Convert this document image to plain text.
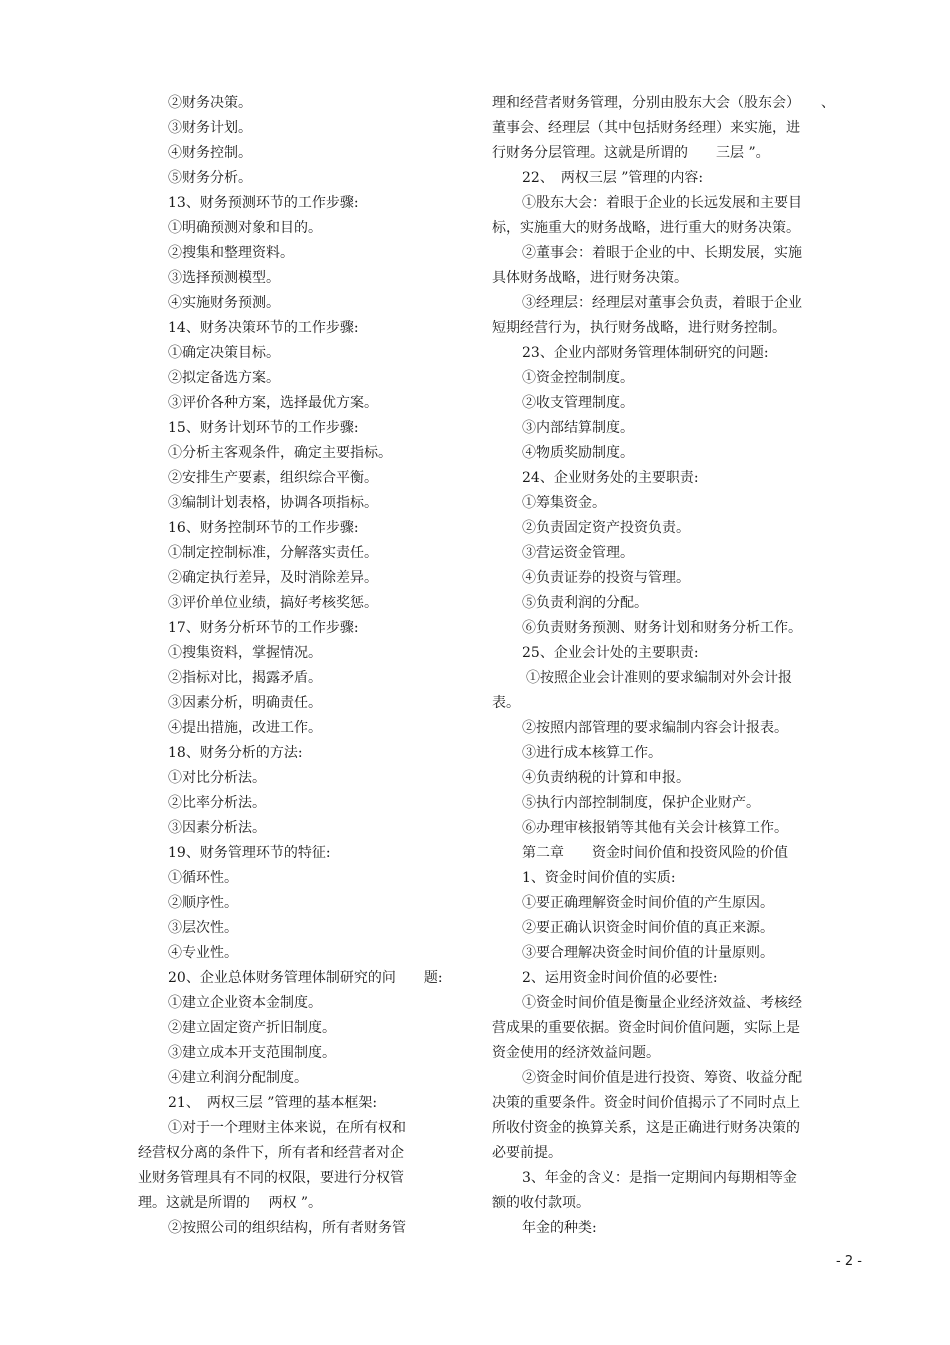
②财务决策。
③财务计划。
④财务控制。
⑤财务分析。
13、财务预测环节的工作步骤:
①明确预测对象和目的。
②搜集和整理资料。
③选择预测模型。
④实施财务预测。
14、财务决策环节的工作步骤:
①确定决策目标。
②拟定备选方案。
③评价各种方案，选择最优方案。
15、财务计划环节的工作步骤:
①分析主客观条件，确定主要指标。
②安排生产要素，组织综合平衡。
③编制计划表格，协调各项指标。
16、财务控制环节的工作步骤:
①制定控制标准，分解落实责任。
②确定执行差异，及时消除差异。
③评价单位业绩，搞好考核奖惩。
17、财务分析环节的工作步骤:
①搜集资料，掌握情况。
②指标对比，揭露矛盾。
③因素分析，明确责任。
④提出措施，改进工作。
18、财务分析的方法:
①对比分析法。
②比率分析法。
③因素分析法。
19、财务管理环节的特征:
①循环性。
②顺序性。
③层次性。
④专业性。
20、企业总体财务管理体制研究的问　　题:
①建立企业资本金制度。
②建立固定资产折旧制度。
③建立成本开支范围制度。
④建立利润分配制度。
21、　两权三层 ”管理的基本框架:
①对于一个理财主体来说，在所有权和
经营权分离的条件下，所有者和经营者对企
业财务管理具有不同的权限，要进行分权管
理。这就是所谓的　 两权 ”。
②按照公司的组织结构，所有者财务管
理和经营者财务管理，分别由股东大会（股东会）　　、
董事会、经理层（其中包括财务经理）来实施，进
行财务分层管理。这就是所谓的　　三层 ”。
22、　两权三层 ”管理的内容:
①股东大会：着眼于企业的长远发展和主要目
标，实施重大的财务战略，进行重大的财务决策。
②董事会：着眼于企业的中、长期发展，实施
具体财务战略，进行财务决策。
③经理层：经理层对董事会负责，着眼于企业
短期经营行为，执行财务战略，进行财务控制。
23、企业内部财务管理体制研究的问题:
①资金控制制度。
②收支管理制度。
③内部结算制度。
④物质奖励制度。
24、企业财务处的主要职责:
①筹集资金。
②负责固定资产投资负责。
③营运资金管理。
④负责证券的投资与管理。
⑤负责利润的分配。
⑥负责财务预测、财务计划和财务分析工作。
25、企业会计处的主要职责:
①按照企业会计准则的要求编制对外会计报
表。
②按照内部管理的要求编制内容会计报表。
③进行成本核算工作。
④负责纳税的计算和申报。
⑤执行内部控制制度，保护企业财产。
⑥办理审核报销等其他有关会计核算工作。
第二章　　资金时间价值和投资风险的价值
1、资金时间价值的实质:
①要正确理解资金时间价值的产生原因。
②要正确认识资金时间价值的真正来源。
③要合理解决资金时间价值的计量原则。
2、运用资金时间价值的必要性:
①资金时间价值是衡量企业经济效益、考核经
营成果的重要依据。资金时间价值问题，实际上是
资金使用的经济效益问题。
②资金时间价值是进行投资、筹资、收益分配
决策的重要条件。资金时间价值揭示了不同时点上
所收付资金的换算关系，这是正确进行财务决策的
必要前提。
3、年金的含义：是指一定期间内每期相等金
额的收付款项。
年金的种类:
- 2 -
